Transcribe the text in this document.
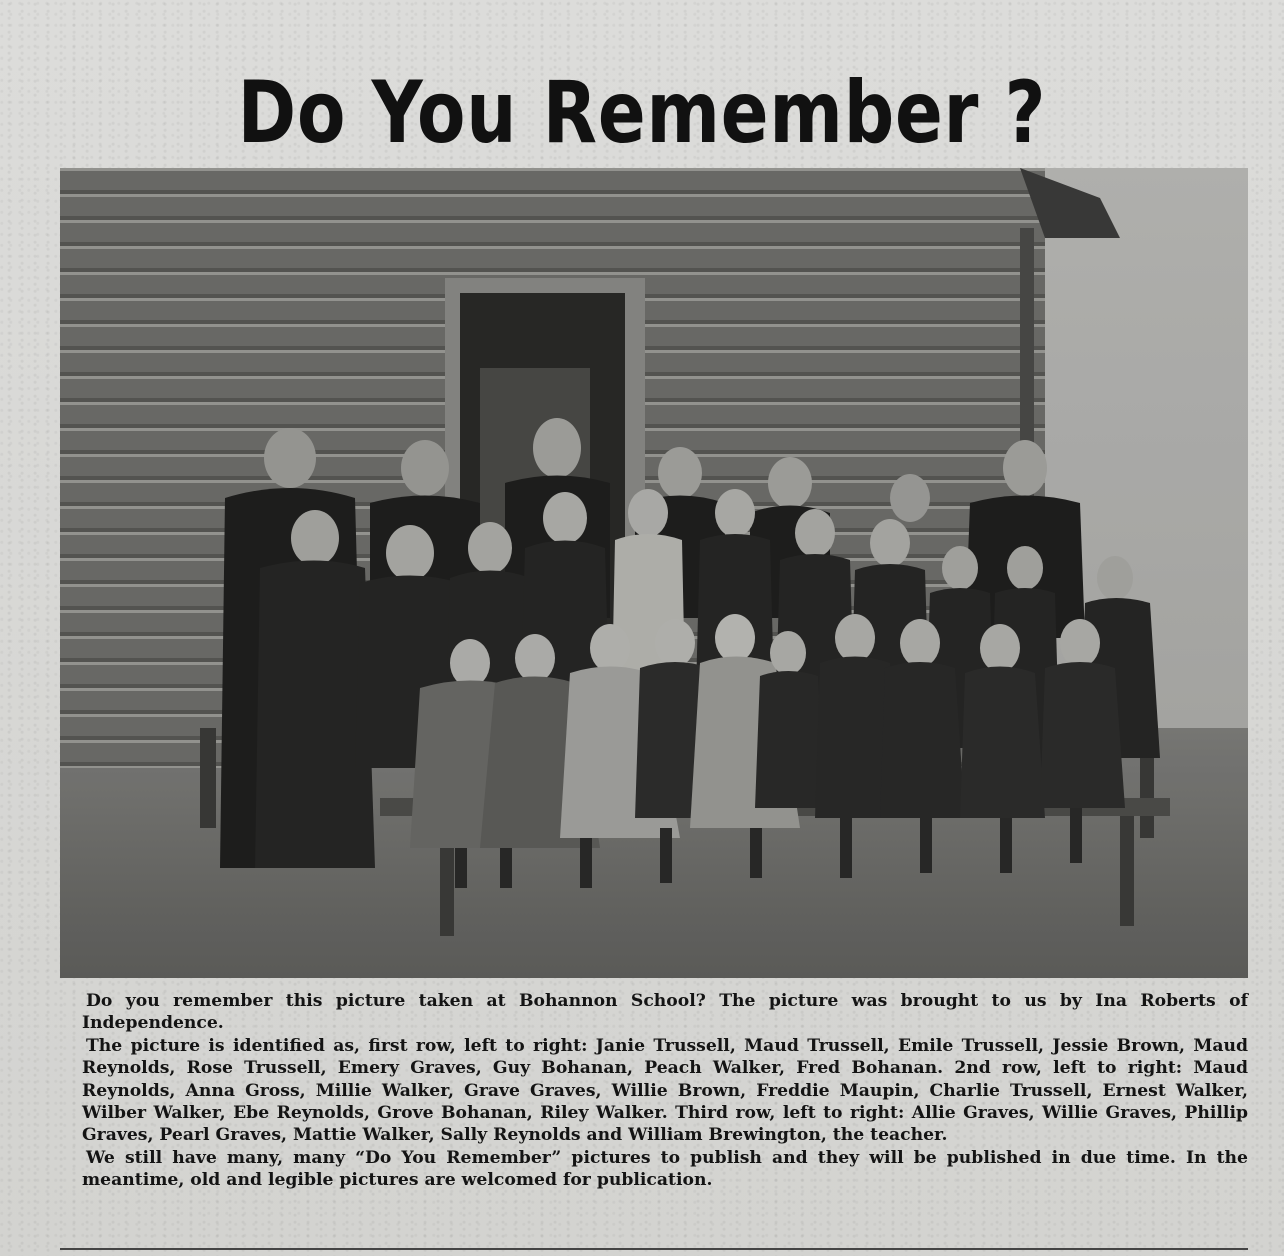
Do You Remember ?

Do you remember this picture taken at Bohannon School? The picture was brought to us by Ina Roberts of Independence.

The picture is identified as, first row, left to right: Janie Trussell, Maud Trussell, Emile Trussell, Jessie Brown, Maud Reynolds, Rose Trussell, Emery Graves, Guy Bohanan, Peach Walker, Fred Bohanan. 2nd row, left to right: Maud Reynolds, Anna Gross, Millie Walker, Grave Graves, Willie Brown, Freddie Maupin, Charlie Trussell, Ernest Walker, Wilber Walker, Ebe Reynolds, Grove Bohanan, Riley Walker. Third row, left to right: Allie Graves, Willie Graves, Phillip Graves, Pearl Graves, Mattie Walker, Sally Reynolds and William Brewington, the teacher.

We still have many, many “Do You Remember” pictures to publish and they will be published in due time. In the meantime, old and legible pictures are welcomed for publication.
